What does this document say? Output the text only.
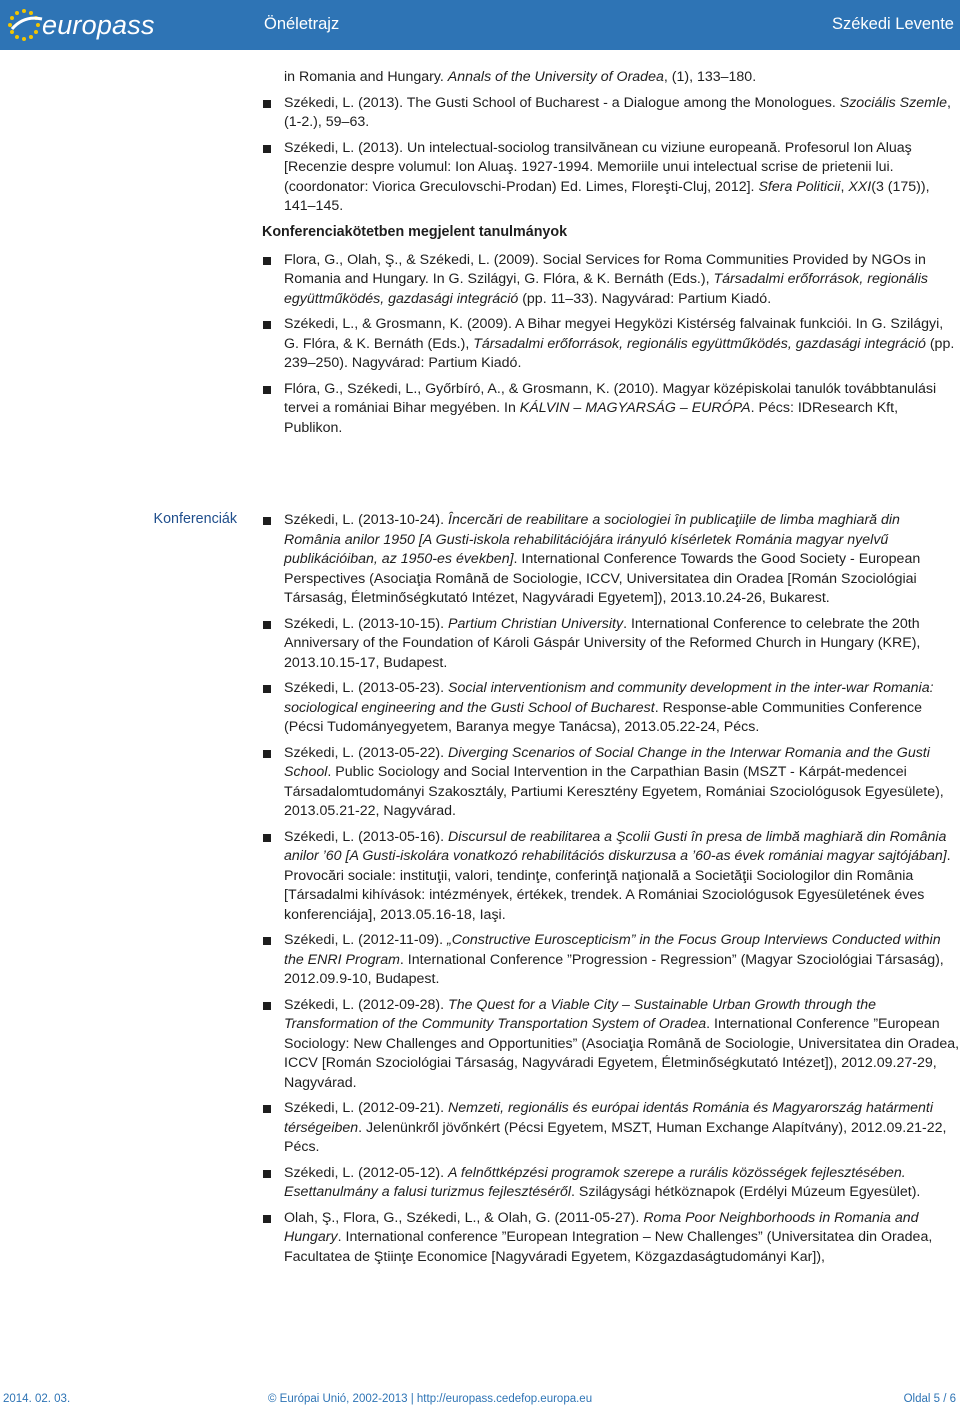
europass	Önéletrajz	Székedi Levente
in Romania and Hungary. Annals of the University of Oradea, (1), 133–180.
Székedi, L. (2013). The Gusti School of Bucharest - a Dialogue among the Monologues. Szociális Szemle, (1-2.), 59–63.
Székedi, L. (2013). Un intelectual-sociolog transilvănean cu viziune europeană. Profesorul Ion Aluaş [Recenzie despre volumul: Ion Aluaş. 1927-1994. Memoriile unui intelectual scrise de prietenii lui. (coordonator: Viorica Greculovschi-Prodan) Ed. Limes, Floreşti-Cluj, 2012]. Sfera Politicii, XXI(3 (175)), 141–145.
Konferenciakötetben megjelent tanulmányok
Flora, G., Olah, Ş., & Székedi, L. (2009). Social Services for Roma Communities Provided by NGOs in Romania and Hungary. In G. Szilágyi, G. Flóra, & K. Bernáth (Eds.), Társadalmi erőforrások, regionális együttműködés, gazdasági integráció (pp. 11–33). Nagyvárad: Partium Kiadó.
Székedi, L., & Grosmann, K. (2009). A Bihar megyei Hegyközi Kistérség falvainak funkciói. In G. Szilágyi, G. Flóra, & K. Bernáth (Eds.), Társadalmi erőforrások, regionális együttműködés, gazdasági integráció (pp. 239–250). Nagyvárad: Partium Kiadó.
Flóra, G., Székedi, L., Győrbíró, A., & Grosmann, K. (2010). Magyar középiskolai tanulók továbbtanulási tervei a romániai Bihar megyében. In KÁLVIN – MAGYARSÁG – EURÓPA. Pécs: IDResearch Kft, Publikon.
Konferenciák	Székedi, L. (2013-10-24). Încercări de reabilitare a sociologiei în publicaţiile de limba maghiară din România anilor 1950 [A Gusti-iskola rehabilitációjára irányuló kísérletek Románia magyar nyelvű publikációiban, az 1950-es években]. International Conference Towards the Good Society - European Perspectives (Asociaţia Română de Sociologie, ICCV, Universitatea din Oradea [Román Szociológiai Társaság, Életminőségkutató Intézet, Nagyváradi Egyetem]), 2013.10.24-26, Bukarest.
Székedi, L. (2013-10-15). Partium Christian University. International Conference to celebrate the 20th Anniversary of the Foundation of Károli Gáspár University of the Reformed Church in Hungary (KRE), 2013.10.15-17, Budapest.
Székedi, L. (2013-05-23). Social interventionism and community development in the inter-war Romania: sociological engineering and the Gusti School of Bucharest. Response-able Communities Conference (Pécsi Tudományegyetem, Baranya megye Tanácsa), 2013.05.22-24, Pécs.
Székedi, L. (2013-05-22). Diverging Scenarios of Social Change in the Interwar Romania and the Gusti School. Public Sociology and Social Intervention in the Carpathian Basin (MSZT - Kárpát-medencei Társadalomtudományi Szakosztály, Partiumi Keresztény Egyetem, Romániai Szociológusok Egyesülete), 2013.05.21-22, Nagyvárad.
Székedi, L. (2013-05-16). Discursul de reabilitarea a Şcolii Gusti în presa de limbă maghiară din România anilor ’60 [A Gusti-iskolára vonatkozó rehabilitációs diskurzusa a ’60-as évek romániai magyar sajtójában]. Provocări sociale: instituţii, valori, tendinţe, conferinţă naţională a Societăţii Sociologilor din România [Társadalmi kihívások: intézmények, értékek, trendek. A Romániai Szociológusok Egyesületének éves konferenciája], 2013.05.16-18, Iaşi.
Székedi, L. (2012-11-09). „Constructive Euroscepticism” in the Focus Group Interviews Conducted within the ENRI Program. International Conference ”Progression - Regression” (Magyar Szociológiai Társaság), 2012.09.9-10, Budapest.
Székedi, L. (2012-09-28). The Quest for a Viable City – Sustainable Urban Growth through the Transformation of the Community Transportation System of Oradea. International Conference ”European Sociology: New Challenges and Opportunities” (Asociaţia Română de Sociologie, Universitatea din Oradea, ICCV [Román Szociológiai Társaság, Nagyváradi Egyetem, Életminőségkutató Intézet]), 2012.09.27-29, Nagyvárad.
Székedi, L. (2012-09-21). Nemzeti, regionális és európai identás Románia és Magyarország határmenti térségeiben. Jelenünkről jövőnkért (Pécsi Egyetem, MSZT, Human Exchange Alapítvány), 2012.09.21-22, Pécs.
Székedi, L. (2012-05-12). A felnőttképzési programok szerepe a rurális közösségek fejlesztésében. Esettanulmány a falusi turizmus fejlesztéséről. Szilágysági hétköznapok (Erdélyi Múzeum Egyesület).
Olah, Ş., Flora, G., Székedi, L., & Olah, G. (2011-05-27). Roma Poor Neighborhoods in Romania and Hungary. International conference ”European Integration – New Challenges” (Universitatea din Oradea, Facultatea de Ştiinţe Economice [Nagyváradi Egyetem, Közgazdaságtudományi Kar]),
2014. 02. 03.	© Európai Unió, 2002-2013 | http://europass.cedefop.europa.eu	Oldal 5 / 6
